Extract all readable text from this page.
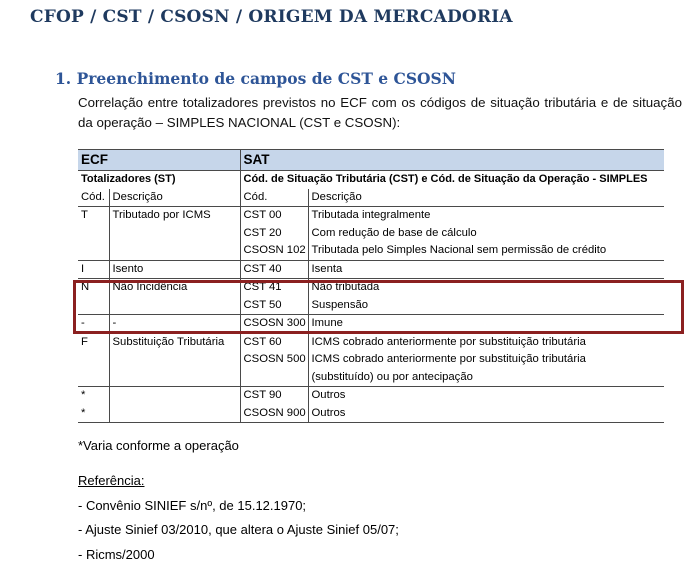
CFOP / CST / CSOSN / ORIGEM DA MERCADORIA
1. Preenchimento de campos de CST e CSOSN
Correlação entre totalizadores previstos no ECF com os códigos de situação tributária e de situação da operação – SIMPLES NACIONAL (CST e CSOSN):
ECF		SAT	
Totalizadores (ST)		Cód. de Situação Tributária (CST) e Cód. de Situação da Operação - SIMPLES	
Cód.	Descrição	Cód.	Descrição
T	Tributado por ICMS	CST 00	Tributada integralmente
		CST 20	Com redução de base de cálculo
		CSOSN 102	Tributada pelo Simples Nacional sem permissão de crédito
I	Isento	CST 40	Isenta
N	Não Incidência	CST 41	Não tributada
		CST 50	Suspensão
-	-	CSOSN 300	Imune
F	Substituição Tributária	CST 60	ICMS cobrado anteriormente por substituição tributária
		CSOSN 500	ICMS cobrado anteriormente por substituição tributária
			(substituído) ou por antecipação
*		CST 90	Outros
*		CSOSN 900	Outros
*Varia conforme a operação
Referência:
- Convênio SINIEF s/nº, de 15.12.1970;
- Ajuste Sinief 03/2010, que altera o Ajuste Sinief 05/07;
- Ricms/2000
